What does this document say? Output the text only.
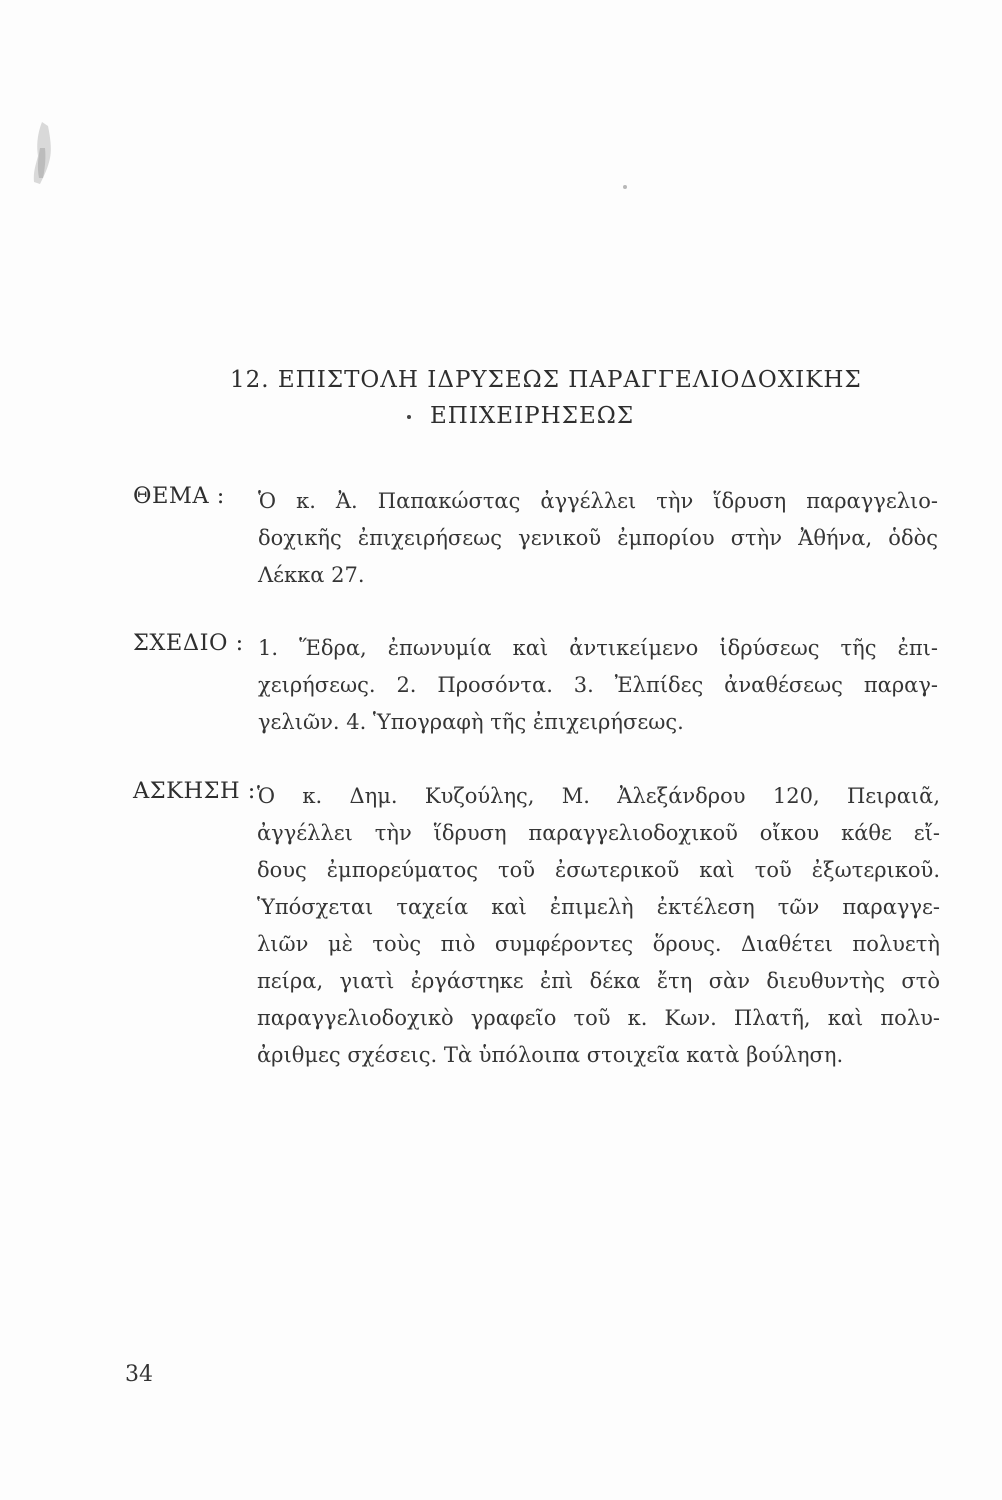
12. ΕΠΙΣΤΟΛΗ ΙΔΡΥΣΕΩΣ ΠΑΡΑΓΓΕΛΙΟΔΟΧΙΚΗΣ
ΕΠΙΧΕΙΡΗΣΕΩΣ
ΘΕΜΑ : Ὁ κ. Ἀ. Παπακώστας ἀγγέλλει τὴν ἵδρυση παραγγελιο-
δοχικῆς ἐπιχειρήσεως γενικοῦ ἐμπορίου στὴν Ἀθήνα, ὁδὸς
Λέκκα 27.
ΣΧΕΔΙΟ : 1. Ἕδρα, ἐπωνυμία καὶ ἀντικείμενο ἱδρύσεως τῆς ἐπι-
χειρήσεως. 2. Προσόντα. 3. Ἐλπίδες ἀναθέσεως παραγ-
γελιῶν. 4. Ὑπογραφὴ τῆς ἐπιχειρήσεως.
ΑΣΚΗΣΗ : Ὁ κ. Δημ. Κυζούλης, Μ. Ἀλεξάνδρου 120, Πειραιᾶ,
ἀγγέλλει τὴν ἵδρυση παραγγελιοδοχικοῦ οἴκου κάθε εἴ-
δους ἐμπορεύματος τοῦ ἐσωτερικοῦ καὶ τοῦ ἐξωτερικοῦ.
Ὑπόσχεται ταχεία καὶ ἐπιμελὴ ἐκτέλεση τῶν παραγγε-
λιῶν μὲ τοὺς πιὸ συμφέροντες ὅρους. Διαθέτει πολυετὴ
πείρα, γιατὶ ἐργάστηκε ἐπὶ δέκα ἔτη σὰν διευθυντὴς στὸ
παραγγελιοδοχικὸ γραφεῖο τοῦ κ. Κων. Πλατῆ, καὶ πολυ-
ἀριθμες σχέσεις. Τὰ ὑπόλοιπα στοιχεῖα κατὰ βούληση.
34
